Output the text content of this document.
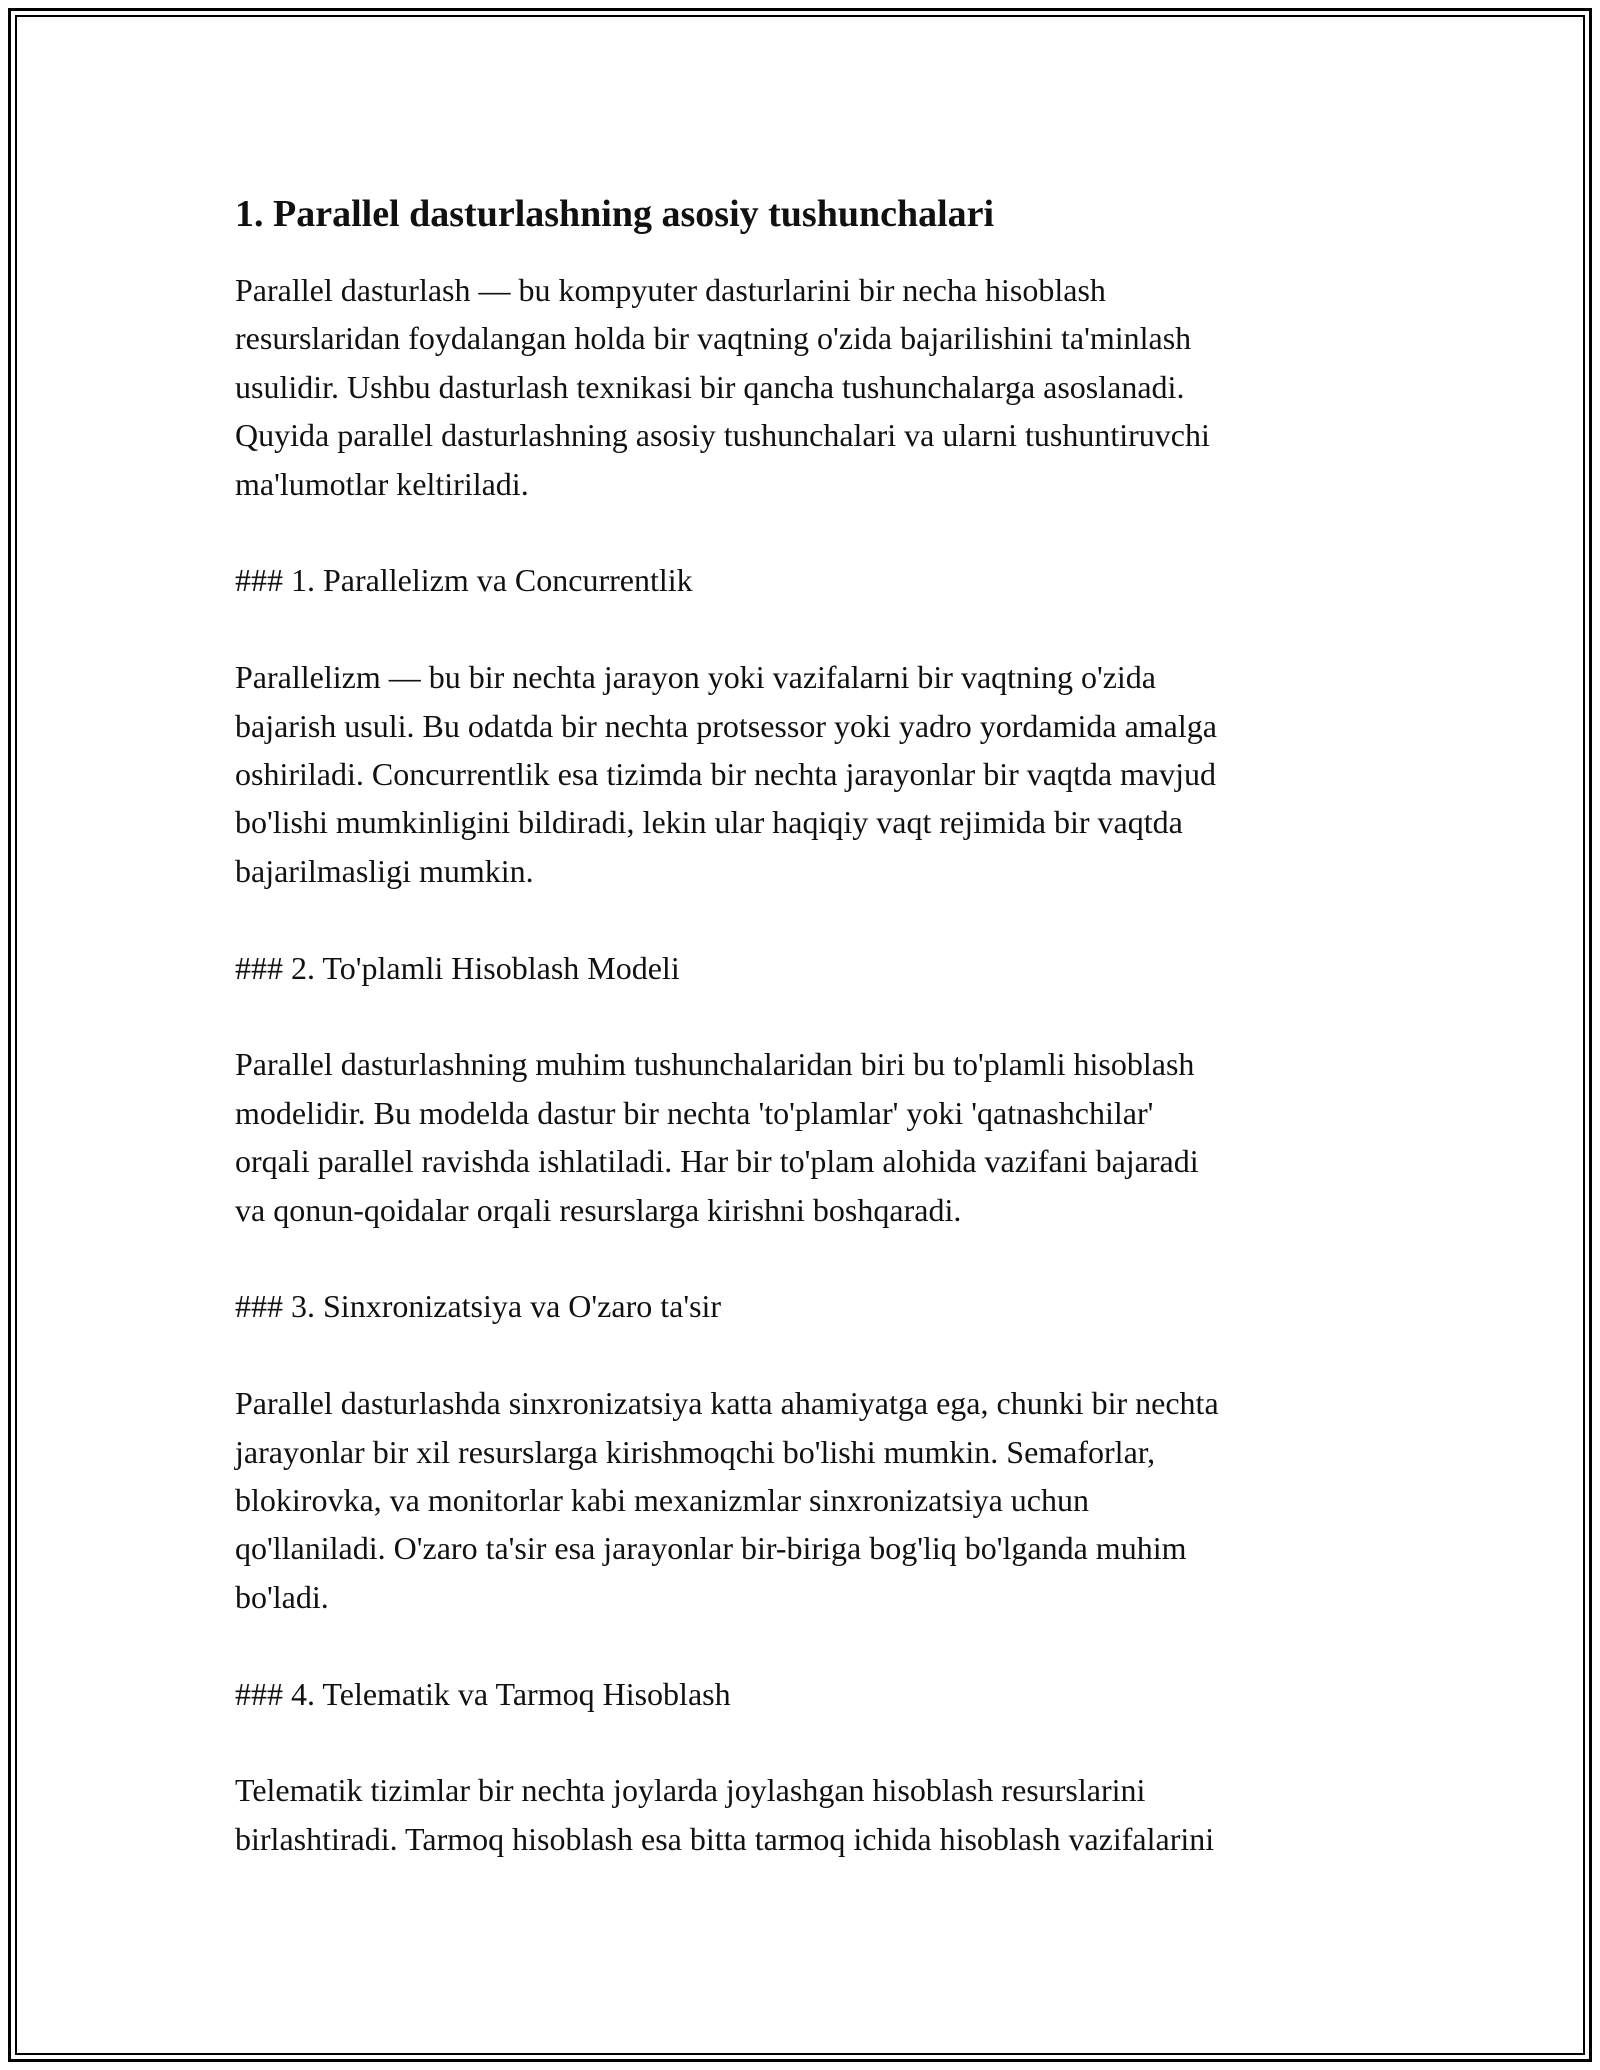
1. Parallel dasturlashning asosiy tushunchalari

Parallel dasturlash — bu kompyuter dasturlarini bir necha hisoblash
resurslaridan foydalangan holda bir vaqtning o'zida bajarilishini ta'minlash
usulidir. Ushbu dasturlash texnikasi bir qancha tushunchalarga asoslanadi.
Quyida parallel dasturlashning asosiy tushunchalari va ularni tushuntiruvchi
ma'lumotlar keltiriladi.

### 1. Parallelizm va Concurrentlik

Parallelizm — bu bir nechta jarayon yoki vazifalarni bir vaqtning o'zida
bajarish usuli. Bu odatda bir nechta protsessor yoki yadro yordamida amalga
oshiriladi. Concurrentlik esa tizimda bir nechta jarayonlar bir vaqtda mavjud
bo'lishi mumkinligini bildiradi, lekin ular haqiqiy vaqt rejimida bir vaqtda
bajarilmasligi mumkin.

### 2. To'plamli Hisoblash Modeli

Parallel dasturlashning muhim tushunchalaridan biri bu to'plamli hisoblash
modelidir. Bu modelda dastur bir nechta 'to'plamlar' yoki 'qatnashchilar'
orqali parallel ravishda ishlatiladi. Har bir to'plam alohida vazifani bajaradi
va qonun-qoidalar orqali resurslarga kirishni boshqaradi.

### 3. Sinxronizatsiya va O'zaro ta'sir

Parallel dasturlashda sinxronizatsiya katta ahamiyatga ega, chunki bir nechta
jarayonlar bir xil resurslarga kirishmoqchi bo'lishi mumkin. Semaforlar,
blokirovka, va monitorlar kabi mexanizmlar sinxronizatsiya uchun
qo'llaniladi. O'zaro ta'sir esa jarayonlar bir-biriga bog'liq bo'lganda muhim
bo'ladi.

### 4. Telematik va Tarmoq Hisoblash

Telematik tizimlar bir nechta joylarda joylashgan hisoblash resurslarini
birlashtiradi. Tarmoq hisoblash esa bitta tarmoq ichida hisoblash vazifalarini
